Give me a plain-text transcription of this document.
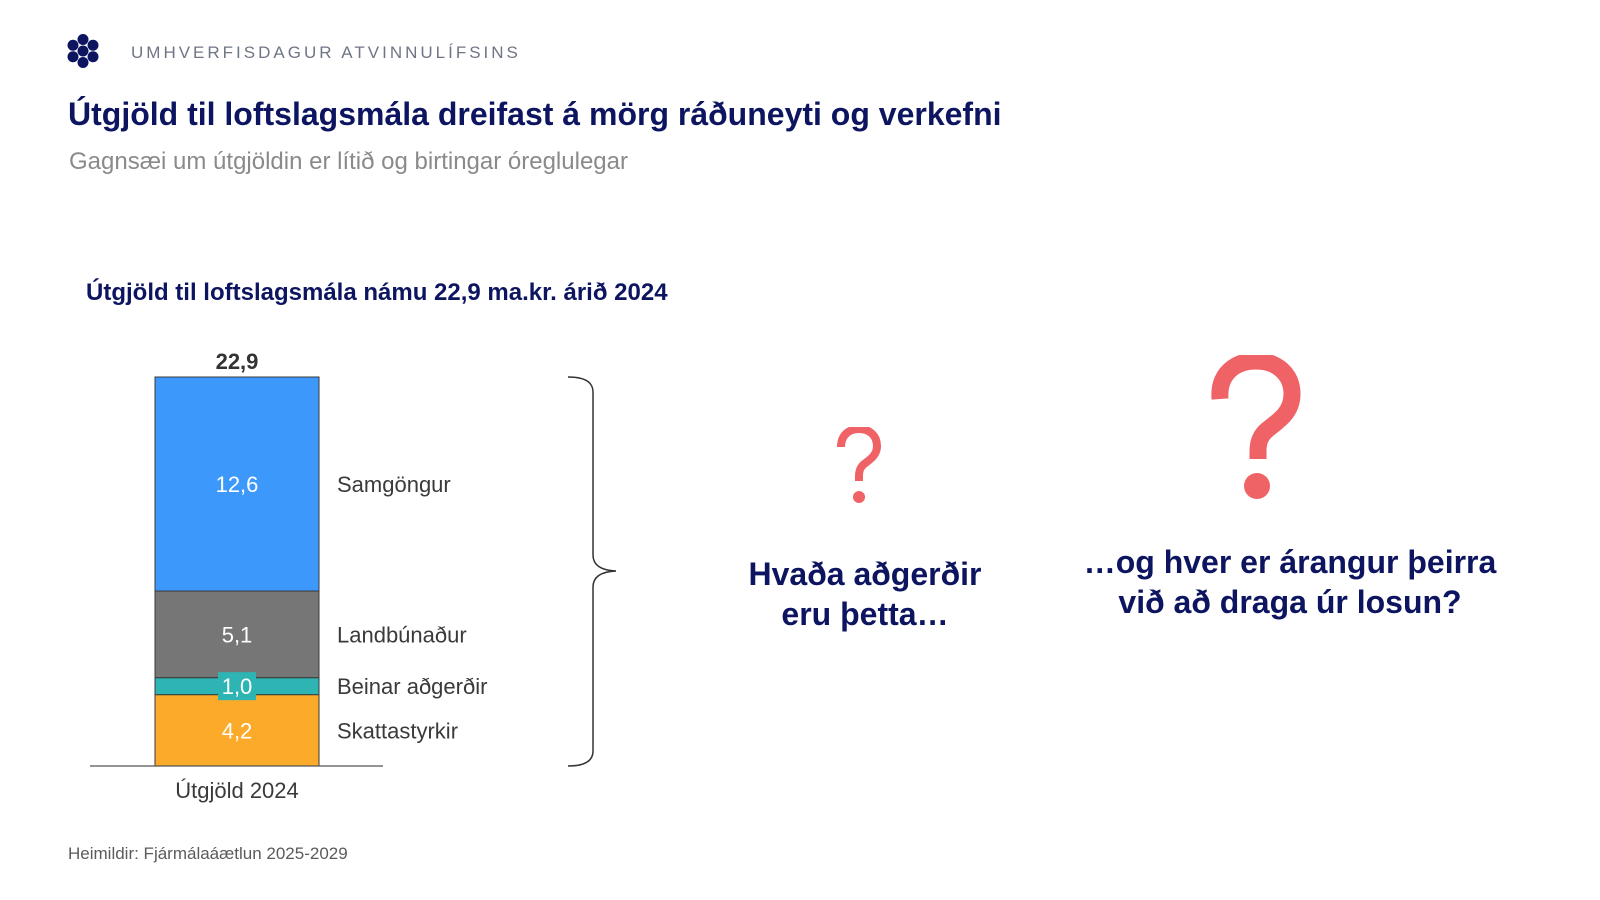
UMHVERFISDAGUR ATVINNULÍFSINS
Útgjöld til loftslagsmála dreifast á mörg ráðuneyti og verkefni
Gagnsæi um útgjöldin er lítið og birtingar óreglulegar
Útgjöld til loftslagsmála námu 22,9 ma.kr. árið 2024
4,2
1,0
5,1
12,6
Skattastyrkir
Beinar aðgerðir
Landbúnaður
Samgöngur
22,9
Útgjöld 2024
Hvaða aðgerðir eru þetta…
…og hver er árangur þeirra við að draga úr losun?
Heimildir: Fjármálaáætlun 2025-2029
